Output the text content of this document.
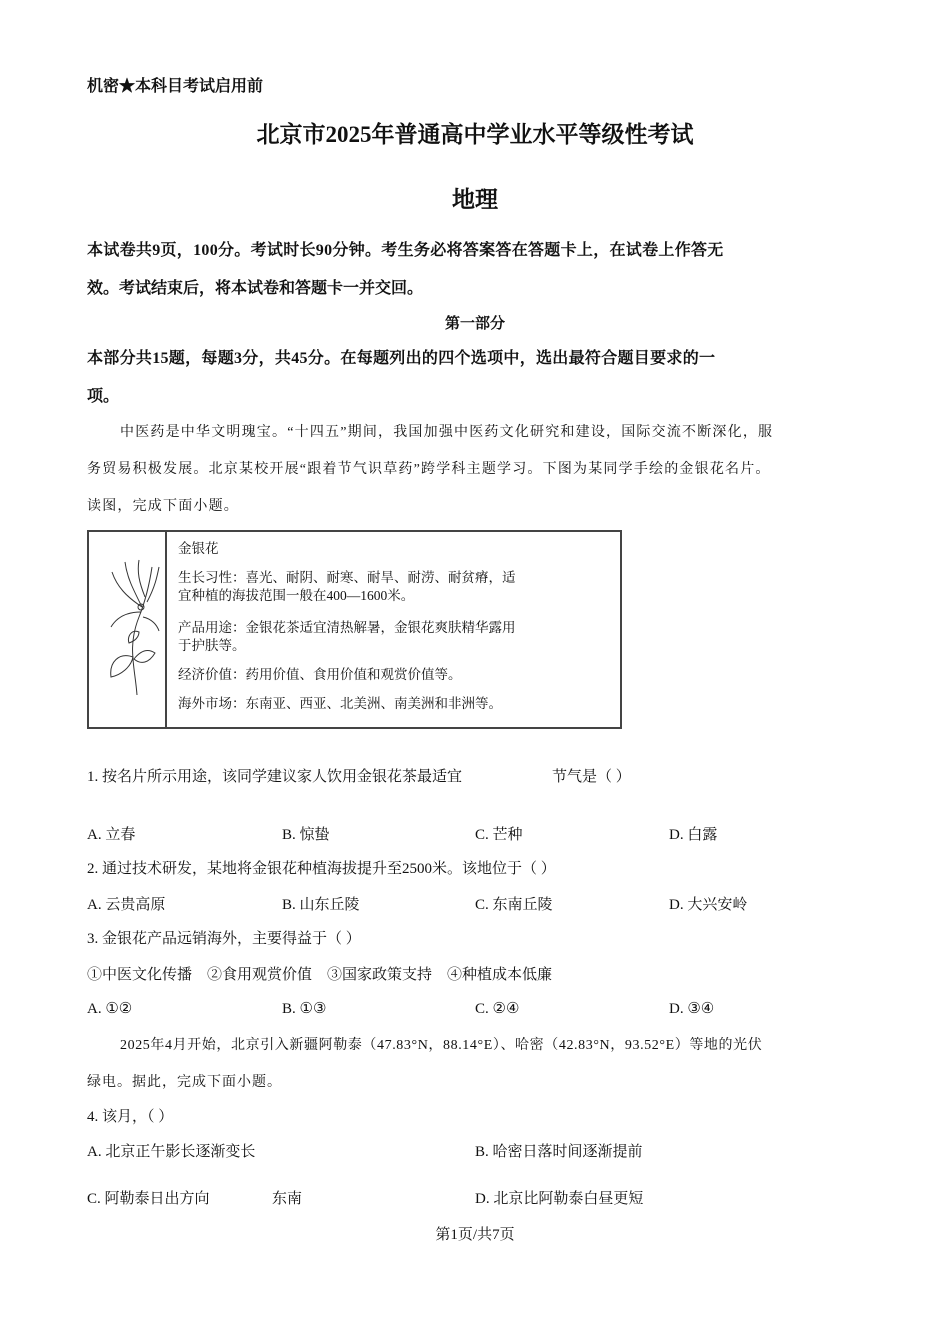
机密★本科目考试启用前
北京市2025年普通高中学业水平等级性考试
地理
本试卷共9页，100分。考试时长90分钟。考生务必将答案答在答题卡上，在试卷上作答无
效。考试结束后，将本试卷和答题卡一并交回。
第一部分
本部分共15题，每题3分，共45分。在每题列出的四个选项中，选出最符合题目要求的一
项。
中医药是中华文明瑰宝。“十四五”期间，我国加强中医药文化研究和建设，国际交流不断深化，服
务贸易积极发展。北京某校开展“跟着节气识草药”跨学科主题学习。下图为某同学手绘的金银花名片。
读图，完成下面小题。
金银花
生长习性：喜光、耐阴、耐寒、耐旱、耐涝、耐贫瘠，适
宜种植的海拔范围一般在400—1600米。
产品用途：金银花茶适宜清热解暑，金银花爽肤精华露用
于护肤等。
经济价值：药用价值、食用价值和观赏价值等。
海外市场：东南亚、西亚、北美洲、南美洲和非洲等。
1. 按名片所示用途，该同学建议家人饮用金银花茶最适宜	节气是（ ）
A. 立春	B. 惊蛰	C. 芒种	D. 白露
2. 通过技术研发，某地将金银花种植海拔提升至2500米。该地位于（ ）
A. 云贵高原	B. 山东丘陵	C. 东南丘陵	D. 大兴安岭
3. 金银花产品远销海外，主要得益于（ ）
①中医文化传播    ②食用观赏价值    ③国家政策支持    ④种植成本低廉
A. ①②	B. ①③	C. ②④	D. ③④
2025年4月开始，北京引入新疆阿勒泰（47.83°N，88.14°E）、哈密（42.83°N，93.52°E）等地的光伏
绿电。据此，完成下面小题。
4. 该月，（ ）
A. 北京正午影长逐渐变长	B. 哈密日落时间逐渐提前
C. 阿勒泰日出方向	东南	D. 北京比阿勒泰白昼更短
第1页/共7页
